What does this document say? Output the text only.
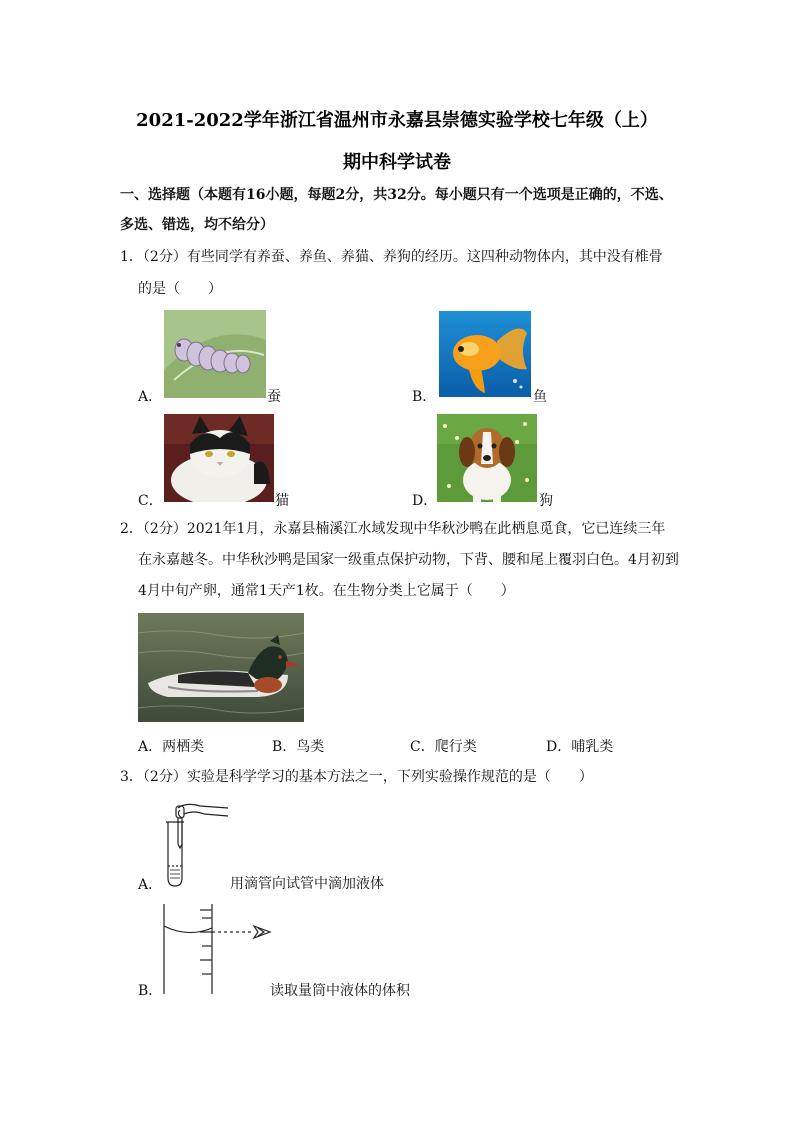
2021-2022学年浙江省温州市永嘉县崇德实验学校七年级（上）
期中科学试卷
一、选择题（本题有16小题，每题2分，共32分。每小题只有一个选项是正确的，不选、
多选、错选，均不给分）
1．（2分）有些同学有养蚕、养鱼、养猫、养狗的经历。这四种动物体内，其中没有椎骨
的是（　　）
A．	蚕	B．	鱼
C．	猫	D．	狗
2．（2分）2021年1月，永嘉县楠溪江水域发现中华秋沙鸭在此栖息觅食，它已连续三年
在永嘉越冬。中华秋沙鸭是国家一级重点保护动物，下背、腰和尾上覆羽白色。4月初到
4月中旬产卵，通常1天产1枚。在生物分类上它属于（　　）
A．两栖类	B．鸟类	C．爬行类	D．哺乳类
3．（2分）实验是科学学习的基本方法之一，下列实验操作规范的是（　　）
A．	用滴管向试管中滴加液体
B．	读取量筒中液体的体积
